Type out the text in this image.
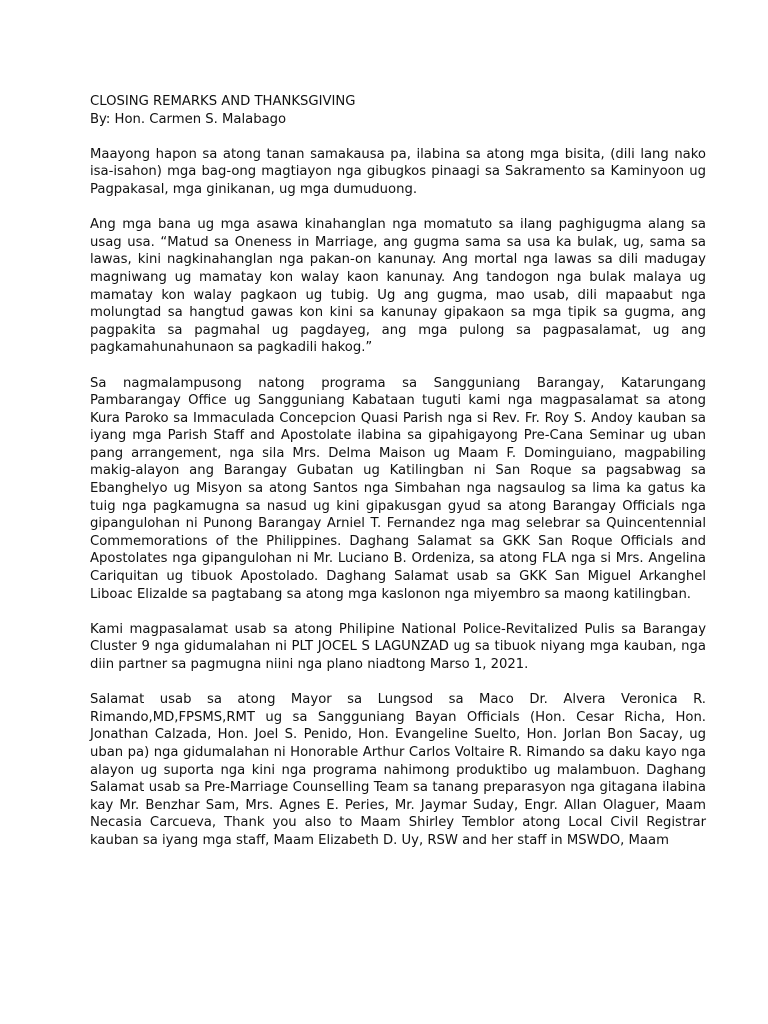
CLOSING REMARKS AND THANKSGIVING
By: Hon. Carmen S. Malabago

Maayong hapon sa atong tanan samakausa pa, ilabina sa atong mga bisita, (dili lang nako isa-isahon) mga bag-ong magtiayon nga gibugkos pinaagi sa Sakramento sa Kaminyoon ug Pagpakasal, mga ginikanan, ug mga dumuduong.

Ang mga bana ug mga asawa kinahanglan nga momatuto sa ilang paghigugma alang sa usag usa. “Matud sa Oneness in Marriage, ang gugma sama sa usa ka bulak, ug, sama sa lawas, kini nagkinahanglan nga pakan-on kanunay. Ang mortal nga lawas sa dili madugay magniwang ug mamatay kon walay kaon kanunay. Ang tandogon nga bulak malaya ug mamatay kon walay pagkaon ug tubig. Ug ang gugma, mao usab, dili mapaabut nga molungtad sa hangtud gawas kon kini sa kanunay gipakaon sa mga tipik sa gugma, ang pagpakita sa pagmahal ug pagdayeg, ang mga pulong sa pagpasalamat, ug ang pagkamahunahunaon sa pagkadili hakog.”

Sa nagmalampusong natong programa sa Sangguniang Barangay, Katarungang Pambarangay Office ug Sangguniang Kabataan tuguti kami nga magpasalamat sa atong Kura Paroko sa Immaculada Concepcion Quasi Parish nga si Rev. Fr. Roy S. Andoy kauban sa iyang mga Parish Staff and Apostolate ilabina sa gipahigayong Pre-Cana Seminar ug uban pang arrangement, nga sila Mrs. Delma Maison ug Maam F. Dominguiano, magpabiling makig-alayon ang Barangay Gubatan ug Katilingban ni San Roque sa pagsabwag sa Ebanghelyo ug Misyon sa atong Santos nga Simbahan nga nagsaulog sa lima ka gatus ka tuig nga pagkamugna sa nasud ug kini gipakusgan gyud sa atong Barangay Officials nga gipangulohan ni Punong Barangay Arniel T. Fernandez nga mag selebrar sa Quincentennial Commemorations of the Philippines. Daghang Salamat sa GKK San Roque Officials and Apostolates nga gipangulohan ni Mr. Luciano B. Ordeniza, sa atong FLA nga si Mrs. Angelina Cariquitan ug tibuok Apostolado. Daghang Salamat usab sa GKK San Miguel Arkanghel Liboac Elizalde sa pagtabang sa atong mga kaslonon nga miyembro sa maong katilingban.

Kami magpasalamat usab sa atong Philipine National Police-Revitalized Pulis sa Barangay Cluster 9 nga gidumalahan ni PLT JOCEL S LAGUNZAD ug sa tibuok niyang mga kauban, nga diin partner sa pagmugna niini nga plano niadtong Marso 1, 2021.

Salamat usab sa atong Mayor sa Lungsod sa Maco Dr. Alvera Veronica R. Rimando,MD,FPSMS,RMT ug sa Sangguniang Bayan Officials (Hon. Cesar Richa, Hon. Jonathan Calzada, Hon. Joel S. Penido, Hon. Evangeline Suelto, Hon. Jorlan Bon Sacay, ug uban pa) nga gidumalahan ni Honorable Arthur Carlos Voltaire R. Rimando sa daku kayo nga alayon ug suporta nga kini nga programa nahimong produktibo ug malambuon. Daghang Salamat usab sa Pre-Marriage Counselling Team sa tanang preparasyon nga gitagana ilabina kay Mr. Benzhar Sam, Mrs. Agnes E. Peries, Mr. Jaymar Suday, Engr. Allan Olaguer, Maam Necasia Carcueva, Thank you also to Maam Shirley Temblor atong Local Civil Registrar kauban sa iyang mga staff, Maam Elizabeth D. Uy, RSW and her staff in MSWDO, Maam
